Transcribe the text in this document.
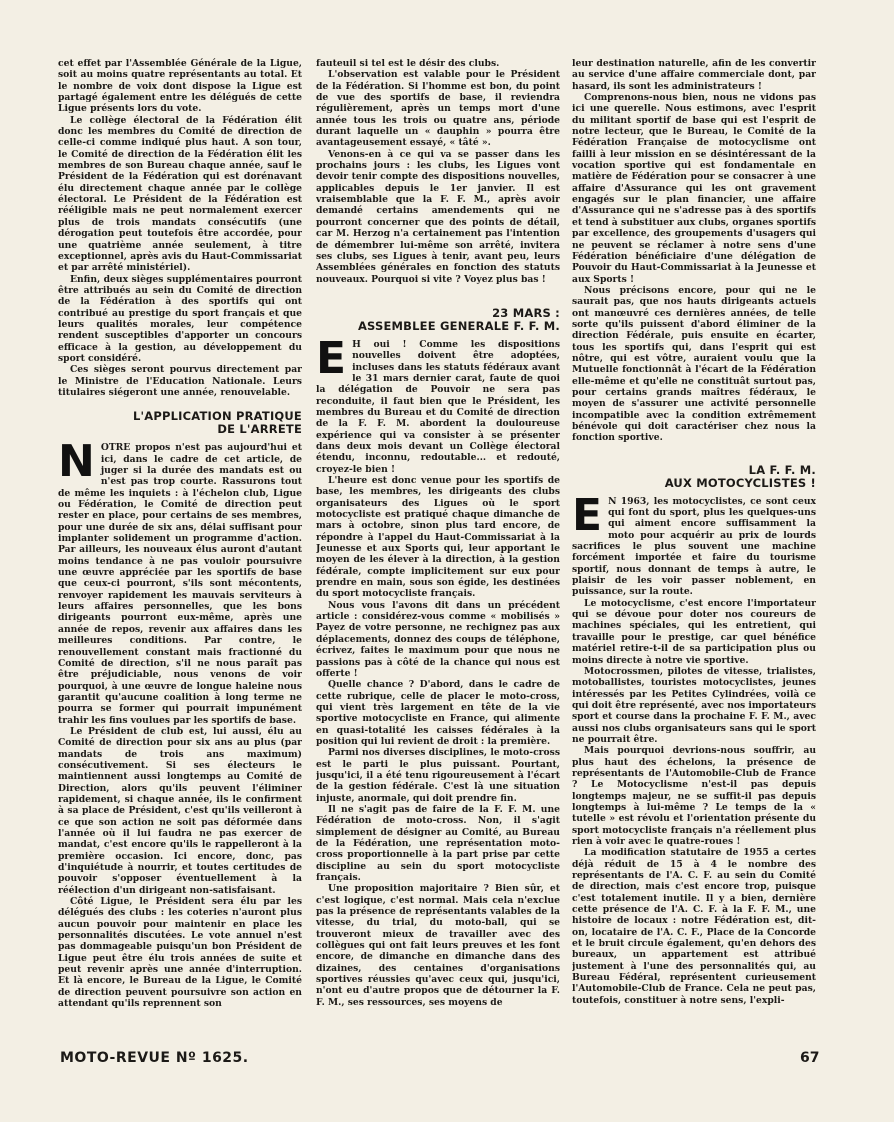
cet effet par l'Assemblée Générale de la Ligue, soit au moins quatre représentants au total. Et le nombre de voix dont dispose la Ligue est partagé également entre les délégués de cette Ligue présents lors du vote.

Le collège électoral de la Fédération élit donc les membres du Comité de direction de celle-ci comme indiqué plus haut. A son tour, le Comité de direction de la Fédération élit les membres de son Bureau chaque année, sauf le Président de la Fédération qui est dorénavant élu directement chaque année par le collège électoral. Le Président de la Fédération est rééligible mais ne peut normalement exercer plus de trois mandats consécutifs (une dérogation peut toutefois être accordée, pour une quatrième année seulement, à titre exceptionnel, après avis du Haut-Commissariat et par arrêté ministériel).

Enfin, deux sièges supplémentaires pourront être attribués au sein du Comité de direction de la Fédération à des sportifs qui ont contribué au prestige du sport français et que leurs qualités morales, leur compétence rendent susceptibles d'apporter un concours efficace à la gestion, au développement du sport considéré.

Ces sièges seront pourvus directement par le Ministre de l'Education Nationale. Leurs titulaires siégeront une année, renouvelable.

L'APPLICATION PRATIQUE
DE L'ARRETE

NOTRE propos n'est pas aujourd'hui et ici, dans le cadre de cet article, de juger si la durée des mandats est ou n'est pas trop courte. Rassurons tout de même les inquiets : à l'échelon club, Ligue ou Fédération, le Comité de direction peut rester en place, pour certains de ses membres, pour une durée de six ans, délai suffisant pour implanter solidement un programme d'action. Par ailleurs, les nouveaux élus auront d'autant moins tendance à ne pas vouloir poursuivre une œuvre appréciée par les sportifs de base que ceux-ci pourront, s'ils sont mécontents, renvoyer rapidement les mauvais serviteurs à leurs affaires personnelles, que les bons dirigeants pourront eux-même, après une année de repos, revenir aux affaires dans les meilleures conditions. Par contre, le renouvellement constant mais fractionné du Comité de direction, s'il ne nous paraît pas être préjudiciable, nous venons de voir pourquoi, à une œuvre de longue haleine nous garantit qu'aucune coalition à long terme ne pourra se former qui pourrait impunément trahir les fins voulues par les sportifs de base.

Le Président de club est, lui aussi, élu au Comité de direction pour six ans au plus (par mandats de trois ans maximum) consécutivement. Si ses électeurs le maintiennent aussi longtemps au Comité de Direction, alors qu'ils peuvent l'éliminer rapidement, si chaque année, ils le confirment à sa place de Président, c'est qu'ils veilleront à ce que son action ne soit pas déformée dans l'année où il lui faudra ne pas exercer de mandat, c'est encore qu'ils le rappelleront à la première occasion. Ici encore, donc, pas d'inquiétude à nourrir, et toutes certitudes de pouvoir s'opposer éventuellement à la réélection d'un dirigeant non-satisfaisant.

Côté Ligue, le Président sera élu par les délégués des clubs : les coteries n'auront plus aucun pouvoir pour maintenir en place les personnalités discutées. Le vote annuel n'est pas dommageable puisqu'un bon Président de Ligue peut être élu trois années de suite et peut revenir après une année d'interruption. Et là encore, le Bureau de la Ligue, le Comité de direction peuvent poursuivre son action en attendant qu'ils reprennent son

fauteuil si tel est le désir des clubs.

L'observation est valable pour le Président de la Fédération. Si l'homme est bon, du point de vue des sportifs de base, il reviendra régulièrement, après un temps mort d'une année tous les trois ou quatre ans, période durant laquelle un « dauphin » pourra être avantageusement essayé, « tâté ».

Venons-en à ce qui va se passer dans les prochains jours : les clubs, les Ligues vont devoir tenir compte des dispositions nouvelles, applicables depuis le 1er janvier. Il est vraisemblable que la F. F. M., après avoir demandé certains amendements qui ne pourront concerner que des points de détail, car M. Herzog n'a certainement pas l'intention de démembrer lui-même son arrêté, invitera ses clubs, ses Ligues à tenir, avant peu, leurs Assemblées générales en fonction des statuts nouveaux. Pourquoi si vite ? Voyez plus bas !

23 MARS :
ASSEMBLEE GENERALE F. F. M.

E H oui ! Comme les dispositions nouvelles doivent être adoptées, incluses dans les statuts fédéraux avant le 31 mars dernier carat, faute de quoi la délégation de Pouvoir ne sera pas reconduite, il faut bien que le Président, les membres du Bureau et du Comité de direction de la F. F. M. abordent la douloureuse expérience qui va consister à se présenter dans deux mois devant un Collège électoral étendu, inconnu, redoutable... et redouté, croyez-le bien !

L'heure est donc venue pour les sportifs de base, les membres, les dirigeants des clubs organisateurs des Ligues où le sport motocycliste est pratiqué chaque dimanche de mars à octobre, sinon plus tard encore, de répondre à l'appel du Haut-Commissariat à la Jeunesse et aux Sports qui, leur apportant le moyen de les élever à la direction, à la gestion fédérale, compte implicitement sur eux pour prendre en main, sous son égide, les destinées du sport motocycliste français.

Nous vous l'avons dit dans un précédent article : considérez-vous comme « mobilisés » Payez de votre personne, ne rechignez pas aux déplacements, donnez des coups de téléphone, écrivez, faites le maximum pour que nous ne passions pas à côté de la chance qui nous est offerte !

Quelle chance ? D'abord, dans le cadre de cette rubrique, celle de placer le moto-cross, qui vient très largement en tête de la vie sportive motocycliste en France, qui alimente en quasi-totalité les caisses fédérales à la position qui lui revient de droit : la première.

Parmi nos diverses disciplines, le moto-cross est le parti le plus puissant. Pourtant, jusqu'ici, il a été tenu rigoureusement à l'écart de la gestion fédérale. C'est là une situation injuste, anormale, qui doit prendre fin.

Il ne s'agit pas de faire de la F. F. M. une Fédération de moto-cross. Non, il s'agit simplement de désigner au Comité, au Bureau de la Fédération, une représentation moto-cross proportionnelle à la part prise par cette discipline au sein du sport motocycliste français.

Une proposition majoritaire ? Bien sûr, et c'est logique, c'est normal. Mais cela n'exclue pas la présence de représentants valables de la vitesse, du trial, du moto-ball, qui se trouveront mieux de travailler avec des collègues qui ont fait leurs preuves et les font encore, de dimanche en dimanche dans des dizaines, des centaines d'organisations sportives réussies qu'avec ceux qui, jusqu'ici, n'ont eu d'autre propos que de détourner la F. F. M., ses ressources, ses moyens de

leur destination naturelle, afin de les convertir au service d'une affaire commerciale dont, par hasard, ils sont les administrateurs !

Comprenons-nous bien, nous ne vidons pas ici une querelle. Nous estimons, avec l'esprit du militant sportif de base qui est l'esprit de notre lecteur, que le Bureau, le Comité de la Fédération Française de motocyclisme ont failli à leur mission en se désintéressant de la vocation sportive qui est fondamentale en matière de Fédération pour se consacrer à une affaire d'Assurance qui les ont gravement engagés sur le plan financier, une affaire d'Assurance qui ne s'adresse pas à des sportifs et tend à substituer aux clubs, organes sportifs par excellence, des groupements d'usagers qui ne peuvent se réclamer à notre sens d'une Fédération bénéficiaire d'une délégation de Pouvoir du Haut-Commissariat à la Jeunesse et aux Sports !

Nous précisons encore, pour qui ne le saurait pas, que nos hauts dirigeants actuels ont manœuvré ces dernières années, de telle sorte qu'ils puissent d'abord éliminer de la direction Fédérale, puis ensuite en écarter, tous les sportifs qui, dans l'esprit qui est nôtre, qui est vôtre, auraient voulu que la Mutuelle fonctionnât à l'écart de la Fédération elle-même et qu'elle ne constituât surtout pas, pour certains grands maîtres fédéraux, le moyen de s'assurer une activité personnelle incompatible avec la condition extrêmement bénévole qui doit caractériser chez nous la fonction sportive.

LA F. F. M.
AUX MOTOCYCLISTES !

E N 1963, les motocyclistes, ce sont ceux qui font du sport, plus les quelques-uns qui aiment encore suffisamment la moto pour acquérir au prix de lourds sacrifices le plus souvent une machine forcément importée et faire du tourisme sportif, nous donnant de temps à autre, le plaisir de les voir passer noblement, en puissance, sur la route.

Le motocyclisme, c'est encore l'importateur qui se dévoue pour doter nos coureurs de machines spéciales, qui les entretient, qui travaille pour le prestige, car quel bénéfice matériel retire-t-il de sa participation plus ou moins directe à notre vie sportive.

Motocrossmen, pilotes de vitesse, trialistes, motoballistes, touristes motocyclistes, jeunes intéressés par les Petites Cylindrées, voilà ce qui doit être représenté, avec nos importateurs sport et course dans la prochaine F. F. M., avec aussi nos clubs organisateurs sans qui le sport ne pourrait être.

Mais pourquoi devrions-nous souffrir, au plus haut des échelons, la présence de représentants de l'Automobile-Club de France ? Le Motocyclisme n'est-il pas depuis longtemps majeur, ne se suffit-il pas depuis longtemps à lui-même ? Le temps de la « tutelle » est révolu et l'orientation présente du sport motocycliste français n'a réellement plus rien à voir avec le quatre-roues !

La modification statutaire de 1955 a certes déjà réduit de 15 à 4 le nombre des représentants de l'A. C. F. au sein du Comité de direction, mais c'est encore trop, puisque c'est totalement inutile. Il y a bien, dernière cette présence de l'A. C. F. à la F. F. M., une histoire de locaux : notre Fédération est, dit-on, locataire de l'A. C. F., Place de la Concorde et le bruit circule également, qu'en dehors des bureaux, un appartement est attribué justement à l'une des personnalités qui, au Bureau Fédéral, représentent curieusement l'Automobile-Club de France. Cela ne peut pas, toutefois, constituer à notre sens, l'expli-

MOTO-REVUE Nº 1625.	67
